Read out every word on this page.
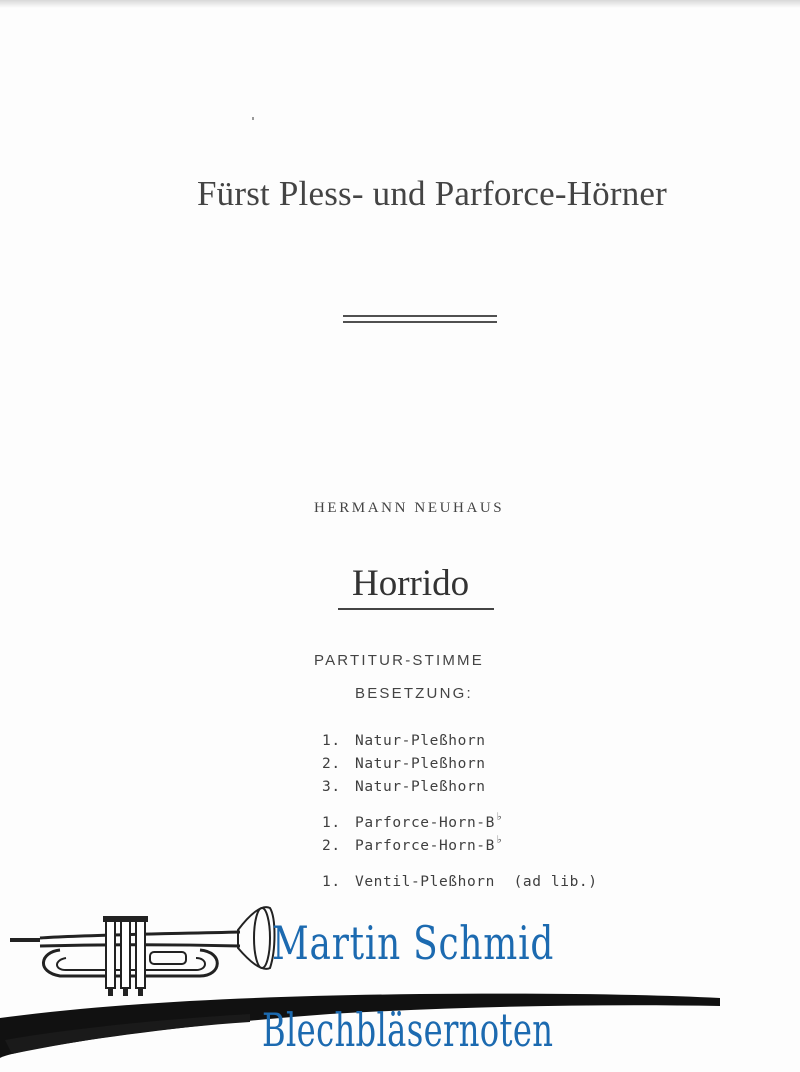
Fürst Pless- und Parforce-Hörner
HERMANN NEUHAUS
Horrido
PARTITUR-STIMME
BESETZUNG:
1. Natur-Pleßhorn
2. Natur-Pleßhorn
3. Natur-Pleßhorn
1. Parforce-Horn-B♭
2. Parforce-Horn-B♭
1. Ventil-Pleßhorn  (ad lib.)
Martin Schmid
Blechbläsernoten
